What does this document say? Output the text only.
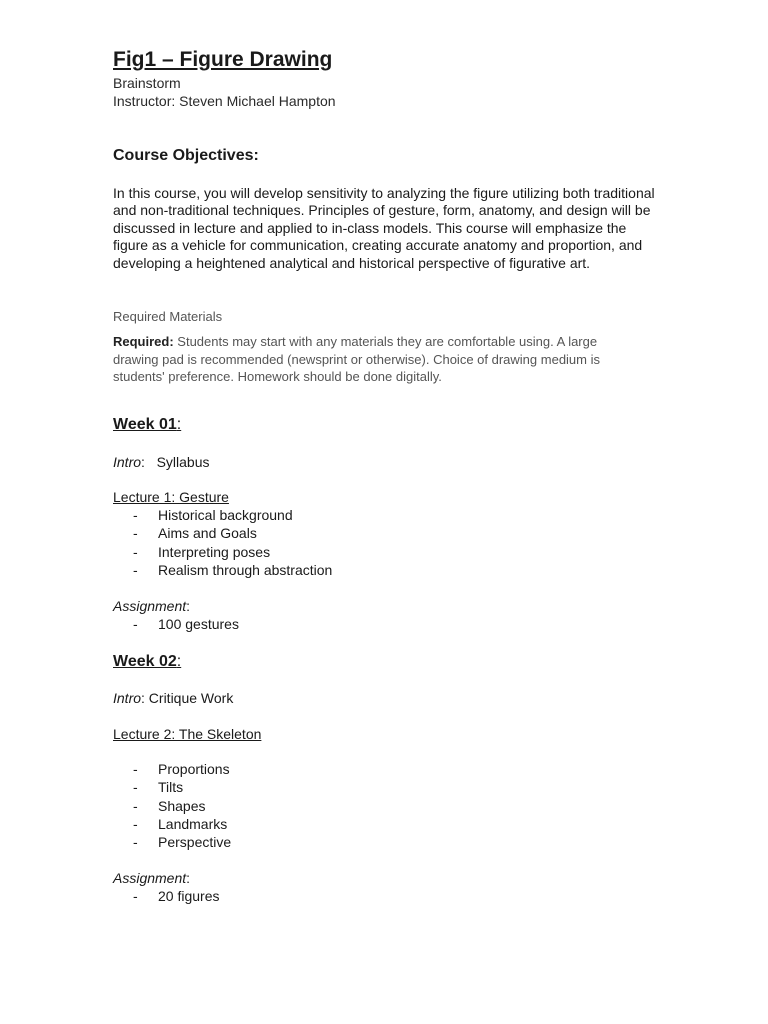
Fig1 – Figure Drawing
Brainstorm
Instructor: Steven Michael Hampton
Course Objectives:
In this course, you will develop sensitivity to analyzing the figure utilizing both traditional and non-traditional techniques. Principles of gesture, form, anatomy, and design will be discussed in lecture and applied to in-class models. This course will emphasize the figure as a vehicle for communication, creating accurate anatomy and proportion, and developing a heightened analytical and historical perspective of figurative art.
Required Materials
Required: Students may start with any materials they are comfortable using. A large drawing pad is recommended (newsprint or otherwise). Choice of drawing medium is students' preference. Homework should be done digitally.
Week 01:
Intro:   Syllabus
Lecture 1: Gesture
- Historical background
- Aims and Goals
- Interpreting poses
- Realism through abstraction
Assignment:
- 100 gestures
Week 02:
Intro: Critique Work
Lecture 2: The Skeleton
- Proportions
- Tilts
- Shapes
- Landmarks
- Perspective
Assignment:
- 20 figures
